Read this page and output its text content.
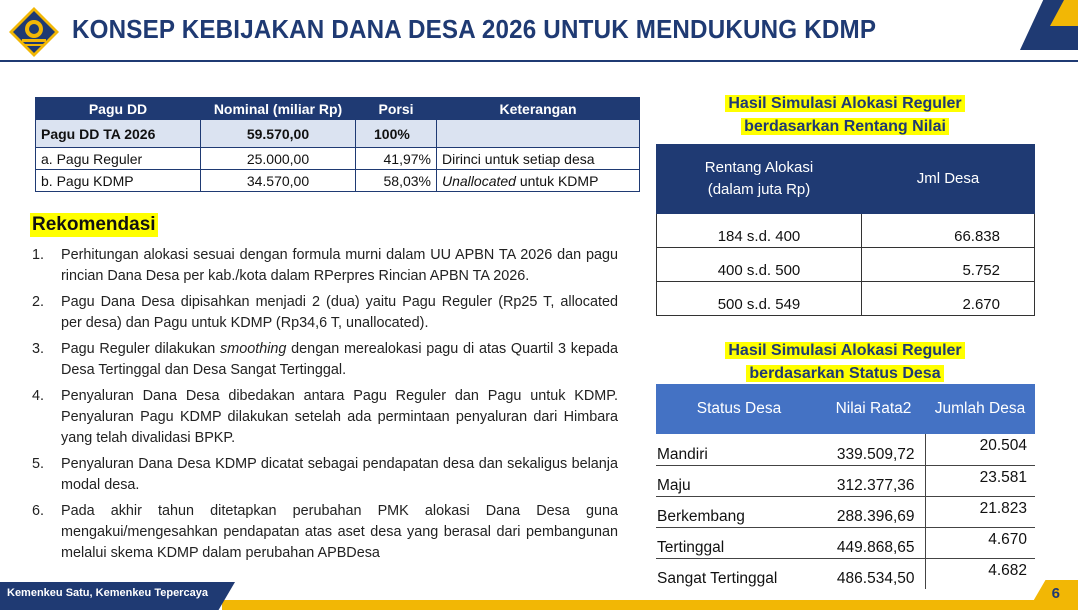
KONSEP KEBIJAKAN DANA DESA 2026 UNTUK MENDUKUNG KDMP
Pagu DD	Nominal (miliar Rp)	Porsi	Keterangan
Pagu DD TA 2026	59.570,00	100%	
a. Pagu Reguler	25.000,00	41,97%	Dirinci untuk setiap desa
b. Pagu KDMP	34.570,00	58,03%	Unallocated untuk KDMP
Rekomendasi
1. Perhitungan alokasi sesuai dengan formula murni dalam UU APBN TA 2026 dan pagu rincian Dana Desa per kab./kota dalam RPerpres Rincian APBN TA 2026.
2. Pagu Dana Desa dipisahkan menjadi 2 (dua) yaitu Pagu Reguler (Rp25 T, allocated per desa) dan Pagu untuk KDMP (Rp34,6 T, unallocated).
3. Pagu Reguler dilakukan smoothing dengan merealokasi pagu di atas Quartil 3 kepada Desa Tertinggal dan Desa Sangat Tertinggal.
4. Penyaluran Dana Desa dibedakan antara Pagu Reguler dan Pagu untuk KDMP. Penyaluran Pagu KDMP dilakukan setelah ada permintaan penyaluran dari Himbara yang telah divalidasi BPKP.
5. Penyaluran Dana Desa KDMP dicatat sebagai pendapatan desa dan sekaligus belanja modal desa.
6. Pada akhir tahun ditetapkan perubahan PMK alokasi Dana Desa guna mengakui/mengesahkan pendapatan atas aset desa yang berasal dari pembangunan melalui skema KDMP dalam perubahan APBDesa
Hasil Simulasi Alokasi Reguler
berdasarkan Rentang Nilai
Rentang Alokasi
(dalam juta Rp)	Jml Desa
184 s.d. 400	66.838
400 s.d. 500	5.752
500 s.d. 549	2.670
Hasil Simulasi Alokasi Reguler
berdasarkan Status Desa
Status Desa	Nilai Rata2	Jumlah Desa
Mandiri	339.509,72	20.504
Maju	312.377,36	23.581
Berkembang	288.396,69	21.823
Tertinggal	449.868,65	4.670
Sangat Tertinggal	486.534,50	4.682
Kemenkeu Satu, Kemenkeu Tepercaya	6
